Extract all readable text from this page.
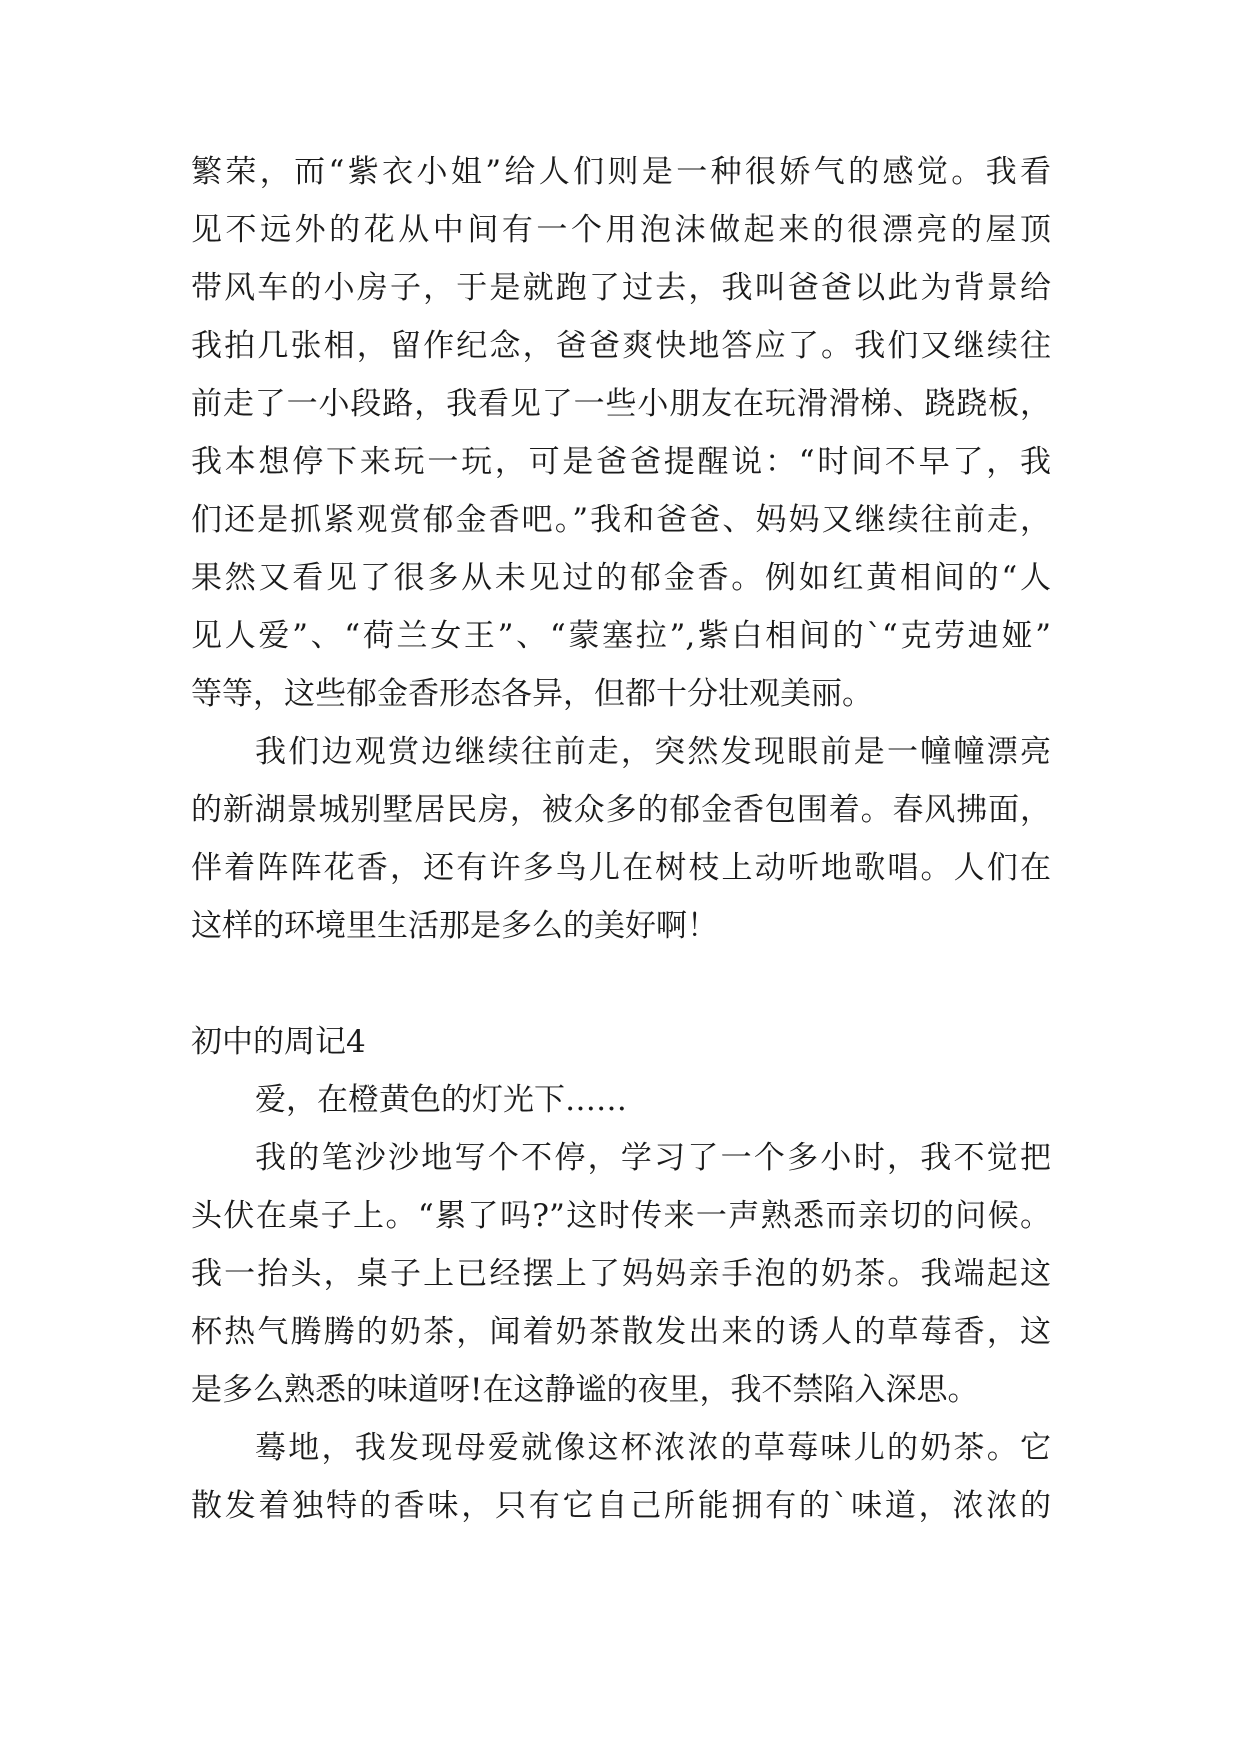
繁荣，而“紫衣小姐”给人们则是一种很娇气的感觉。我看
见不远外的花从中间有一个用泡沫做起来的很漂亮的屋顶
带风车的小房子，于是就跑了过去，我叫爸爸以此为背景给
我拍几张相，留作纪念，爸爸爽快地答应了。我们又继续往
前走了一小段路，我看见了一些小朋友在玩滑滑梯、跷跷板，
我本想停下来玩一玩，可是爸爸提醒说：“时间不早了，我
们还是抓紧观赏郁金香吧。”我和爸爸、妈妈又继续往前走，
果然又看见了很多从未见过的郁金香。例如红黄相间的“人
见人爱”、“荷兰女王”、“蒙塞拉”,紫白相间的`“克劳迪娅”
等等，这些郁金香形态各异，但都十分壮观美丽。
我们边观赏边继续往前走，突然发现眼前是一幢幢漂亮
的新湖景城别墅居民房，被众多的郁金香包围着。春风拂面，
伴着阵阵花香，还有许多鸟儿在树枝上动听地歌唱。人们在
这样的环境里生活那是多么的美好啊！
初中的周记4
爱，在橙黄色的灯光下……
我的笔沙沙地写个不停，学习了一个多小时，我不觉把
头伏在桌子上。“累了吗?”这时传来一声熟悉而亲切的问候。
我一抬头，桌子上已经摆上了妈妈亲手泡的奶茶。我端起这
杯热气腾腾的奶茶，闻着奶茶散发出来的诱人的草莓香，这
是多么熟悉的味道呀!在这静谧的夜里，我不禁陷入深思。
蓦地，我发现母爱就像这杯浓浓的草莓味儿的奶茶。它
散发着独特的香味，只有它自己所能拥有的`味道，浓浓的
